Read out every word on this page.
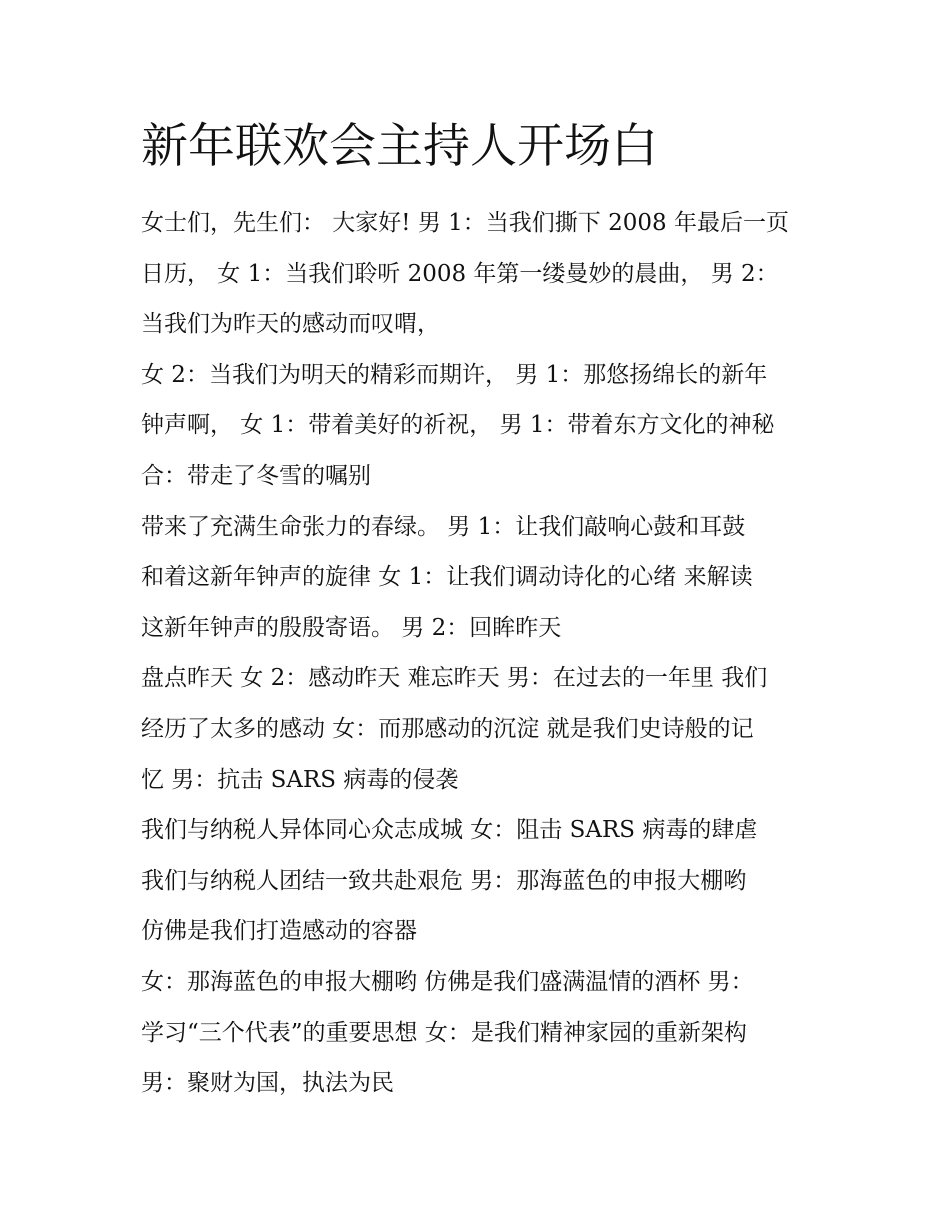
新年联欢会主持人开场白
女士们，先生们： 大家好! 男 1：当我们撕下 2008 年最后一页
日历， 女 1：当我们聆听 2008 年第一缕曼妙的晨曲， 男 2：
当我们为昨天的感动而叹喟，
女 2：当我们为明天的精彩而期许， 男 1：那悠扬绵长的新年
钟声啊， 女 1：带着美好的祈祝， 男 1：带着东方文化的神秘
合：带走了冬雪的嘱别
带来了充满生命张力的春绿。 男 1：让我们敲响心鼓和耳鼓
和着这新年钟声的旋律 女 1：让我们调动诗化的心绪 来解读
这新年钟声的殷殷寄语。 男 2：回眸昨天
盘点昨天 女 2：感动昨天 难忘昨天 男：在过去的一年里 我们
经历了太多的感动 女：而那感动的沉淀 就是我们史诗般的记
忆 男：抗击 SARS 病毒的侵袭
我们与纳税人异体同心众志成城 女：阻击 SARS 病毒的肆虐
我们与纳税人团结一致共赴艰危 男：那海蓝色的申报大棚哟
仿佛是我们打造感动的容器
女：那海蓝色的申报大棚哟 仿佛是我们盛满温情的酒杯 男：
学习“三个代表”的重要思想 女：是我们精神家园的重新架构
男：聚财为国，执法为民
